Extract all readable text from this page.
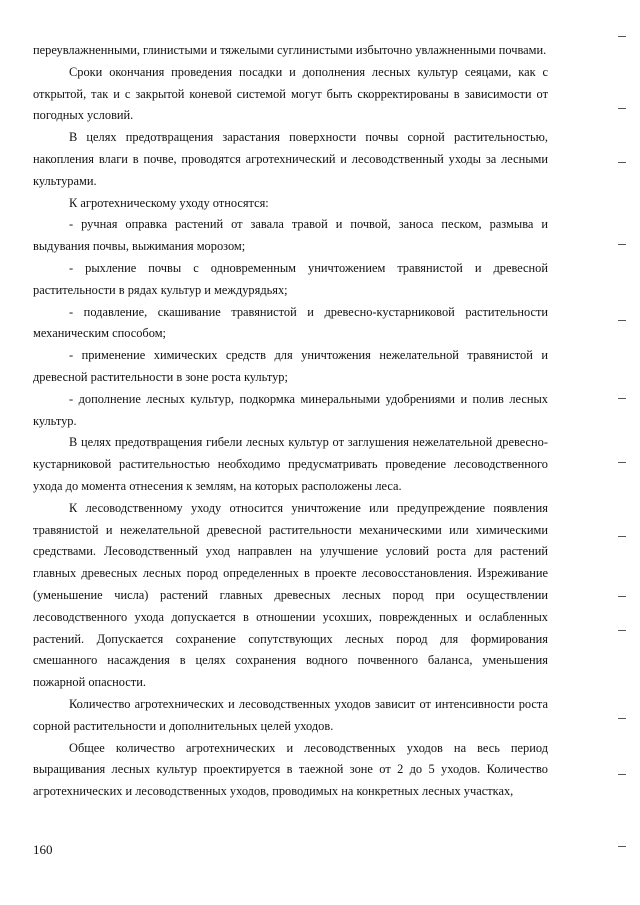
переувлажненными, глинистыми и тяжелыми суглинистыми избыточно увлажненными почвами.

Сроки окончания проведения посадки и дополнения лесных культур сеяцами, как с открытой, так и с закрытой коневой системой могут быть скорректированы в зависимости от погодных условий.

В целях предотвращения зарастания поверхности почвы сорной растительностью, накопления влаги в почве, проводятся агротехнический и лесоводственный уходы за лесными культурами.

К агротехническому уходу относятся:

- ручная оправка растений от завала травой и почвой, заноса песком, размыва и выдувания почвы, выжимания морозом;

- рыхление почвы с одновременным уничтожением травянистой и древесной растительности в рядах культур и междурядьях;

- подавление, скашивание травянистой и древесно-кустарниковой растительности механическим способом;

- применение химических средств для уничтожения нежелательной травянистой и древесной растительности в зоне роста культур;

- дополнение лесных культур, подкормка минеральными удобрениями и полив лесных культур.

В целях предотвращения гибели лесных культур от заглушения нежелательной древесно-кустарниковой растительностью необходимо предусматривать проведение лесоводственного ухода до момента отнесения к землям, на которых расположены леса.

К лесоводственному уходу относится уничтожение или предупреждение появления травянистой и нежелательной древесной растительности механическими или химическими средствами. Лесоводственный уход направлен на улучшение условий роста для растений главных древесных лесных пород определенных в проекте лесовосстановления. Изреживание (уменьшение числа) растений главных древесных лесных пород при осуществлении лесоводственного ухода допускается в отношении усохших, поврежденных и ослабленных растений. Допускается сохранение сопутствующих лесных пород для формирования смешанного насаждения в целях сохранения водного почвенного баланса, уменьшения пожарной опасности.

Количество агротехнических и лесоводственных уходов зависит от интенсивности роста сорной растительности и дополнительных целей уходов.

Общее количество агротехнических и лесоводственных уходов на весь период выращивания лесных культур проектируется в таежной зоне от 2 до 5 уходов. Количество агротехнических и лесоводственных уходов, проводимых на конкретных лесных участках,

160
